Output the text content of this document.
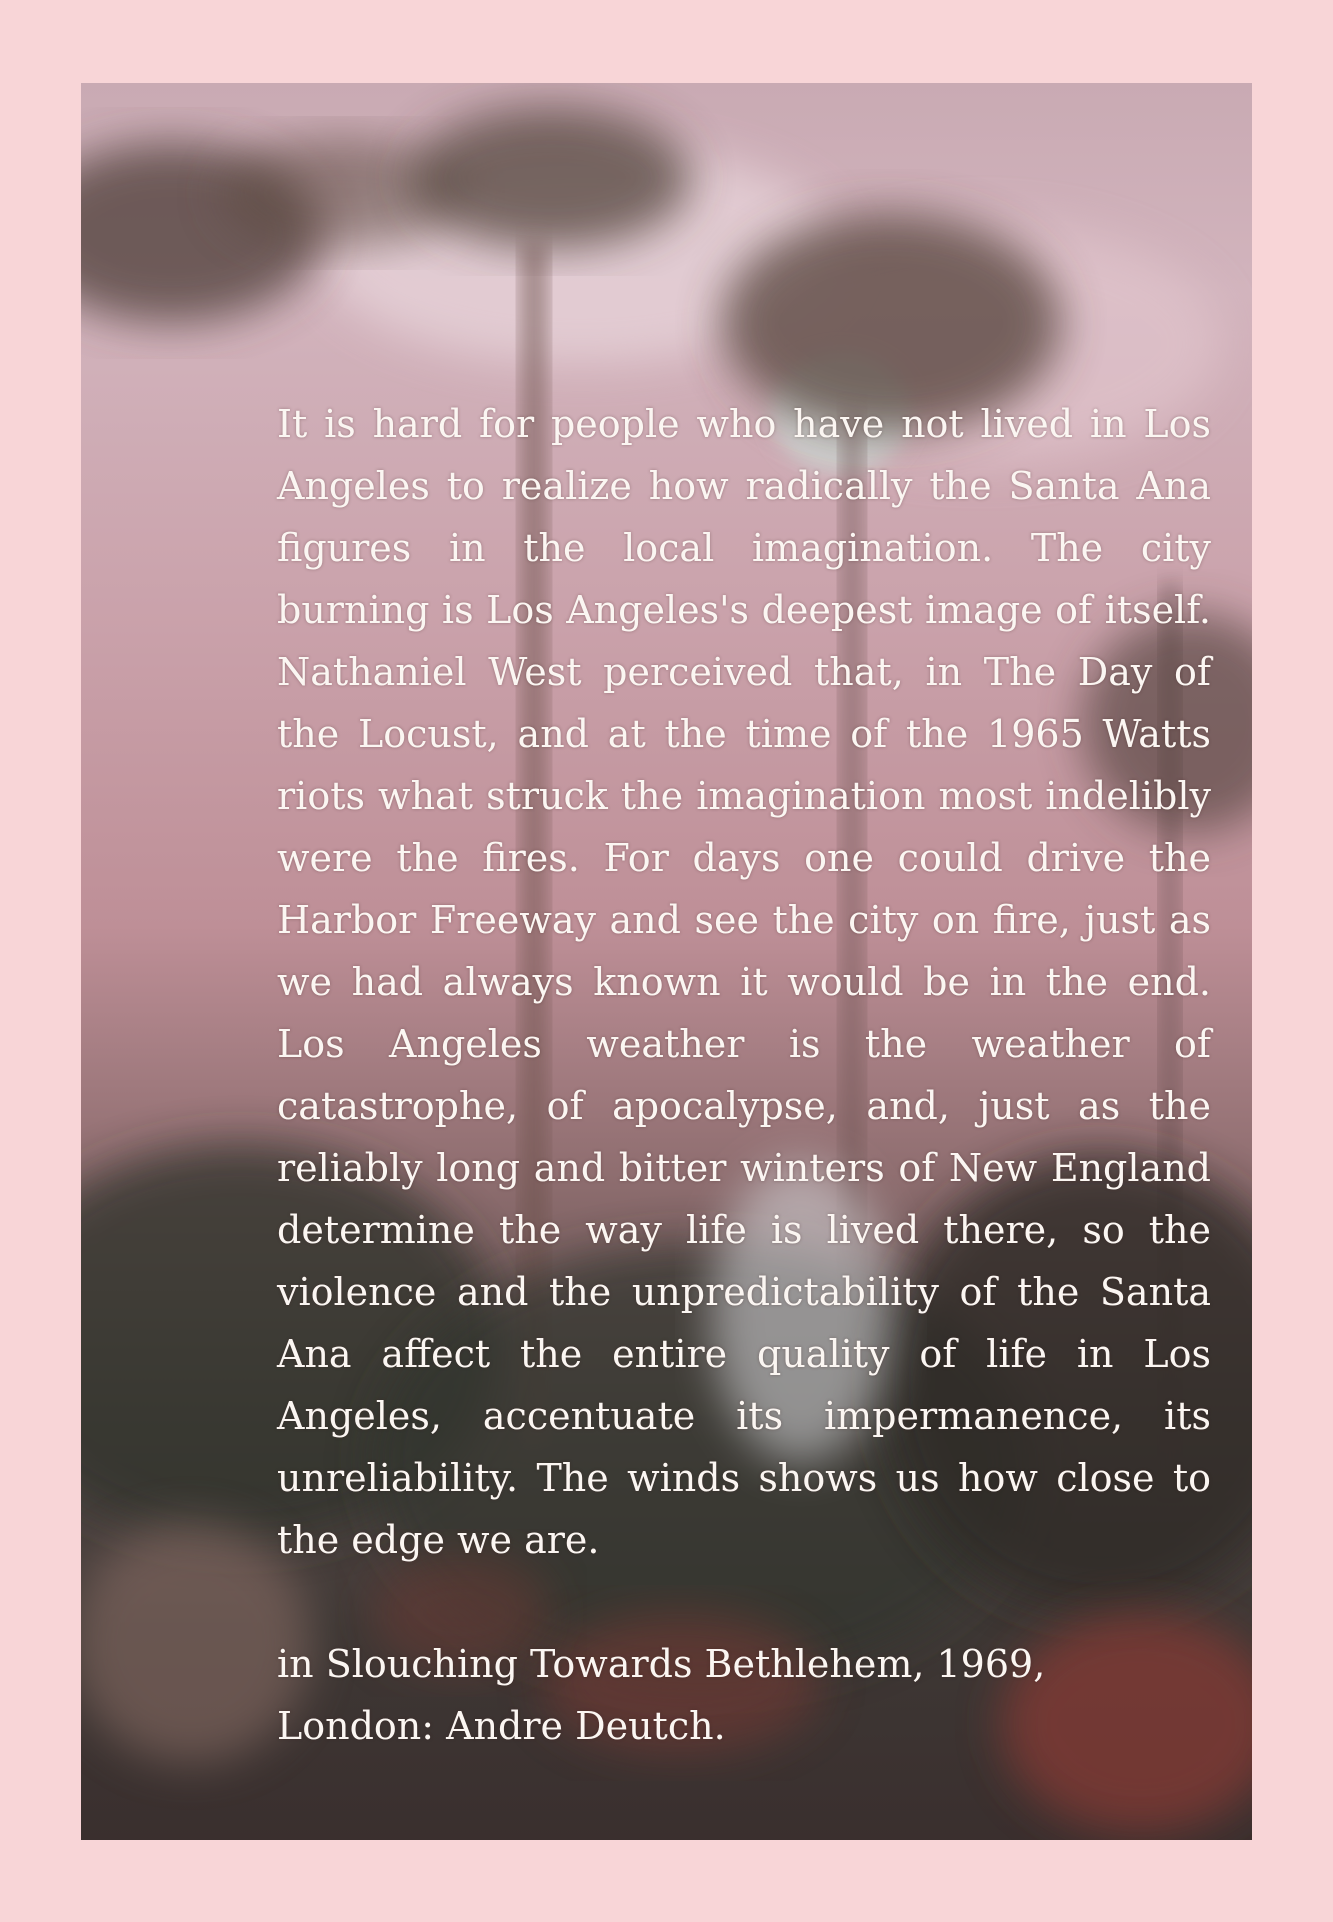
It is hard for people who have not lived in Los Angeles to realize how radically the Santa Ana figures in the local imagination. The city burning is Los Angeles's deepest image of itself. Nathaniel West perceived that, in The Day of the Locust, and at the time of the 1965 Watts riots what struck the imagination most indelibly were the fires. For days one could drive the Harbor Freeway and see the city on fire, just as we had always known it would be in the end. Los Angeles weather is the weather of catastrophe, of apocalypse, and, just as the reliably long and bitter winters of New England determine the way life is lived there, so the violence and the unpredictability of the Santa Ana affect the entire quality of life in Los Angeles, accentuate its impermanence, its unreliability. The winds shows us how close to the edge we are.

in Slouching Towards Bethlehem, 1969, London: Andre Deutch.
